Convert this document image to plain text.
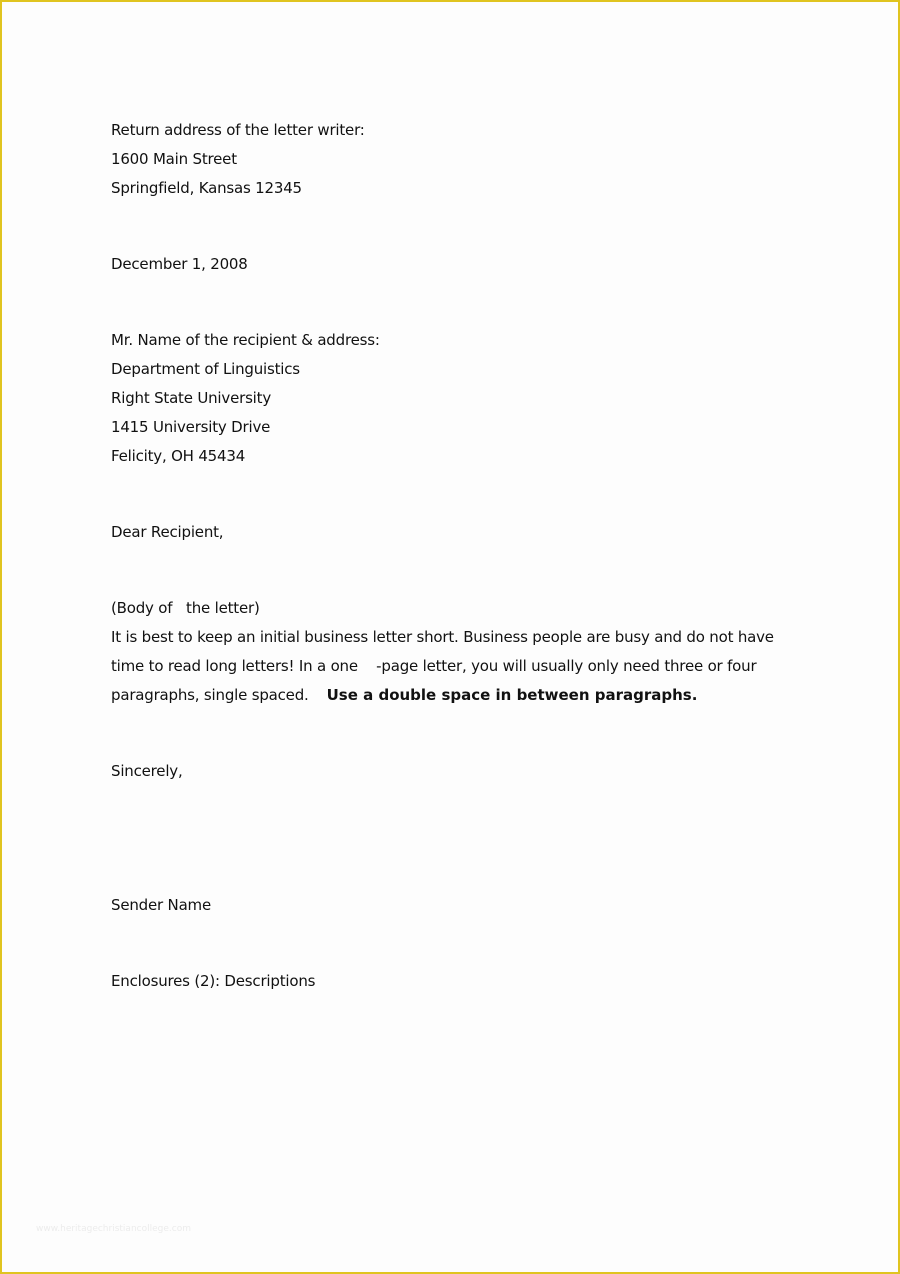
Return address of the letter writer:
1600 Main Street
Springfield, Kansas 12345
December 1, 2008
Mr. Name of the recipient & address:
Department of Linguistics
Right State University
1415 University Drive
Felicity, OH 45434
Dear Recipient,
(Body of   the letter)
It is best to keep an initial business letter short. Business people are busy and do not have
time to read long letters! In a one    -page letter, you will usually only need three or four
paragraphs, single spaced. Use a double space in between paragraphs.
Sincerely,
Sender Name
Enclosures (2): Descriptions
www.heritagechristiancollege.com
